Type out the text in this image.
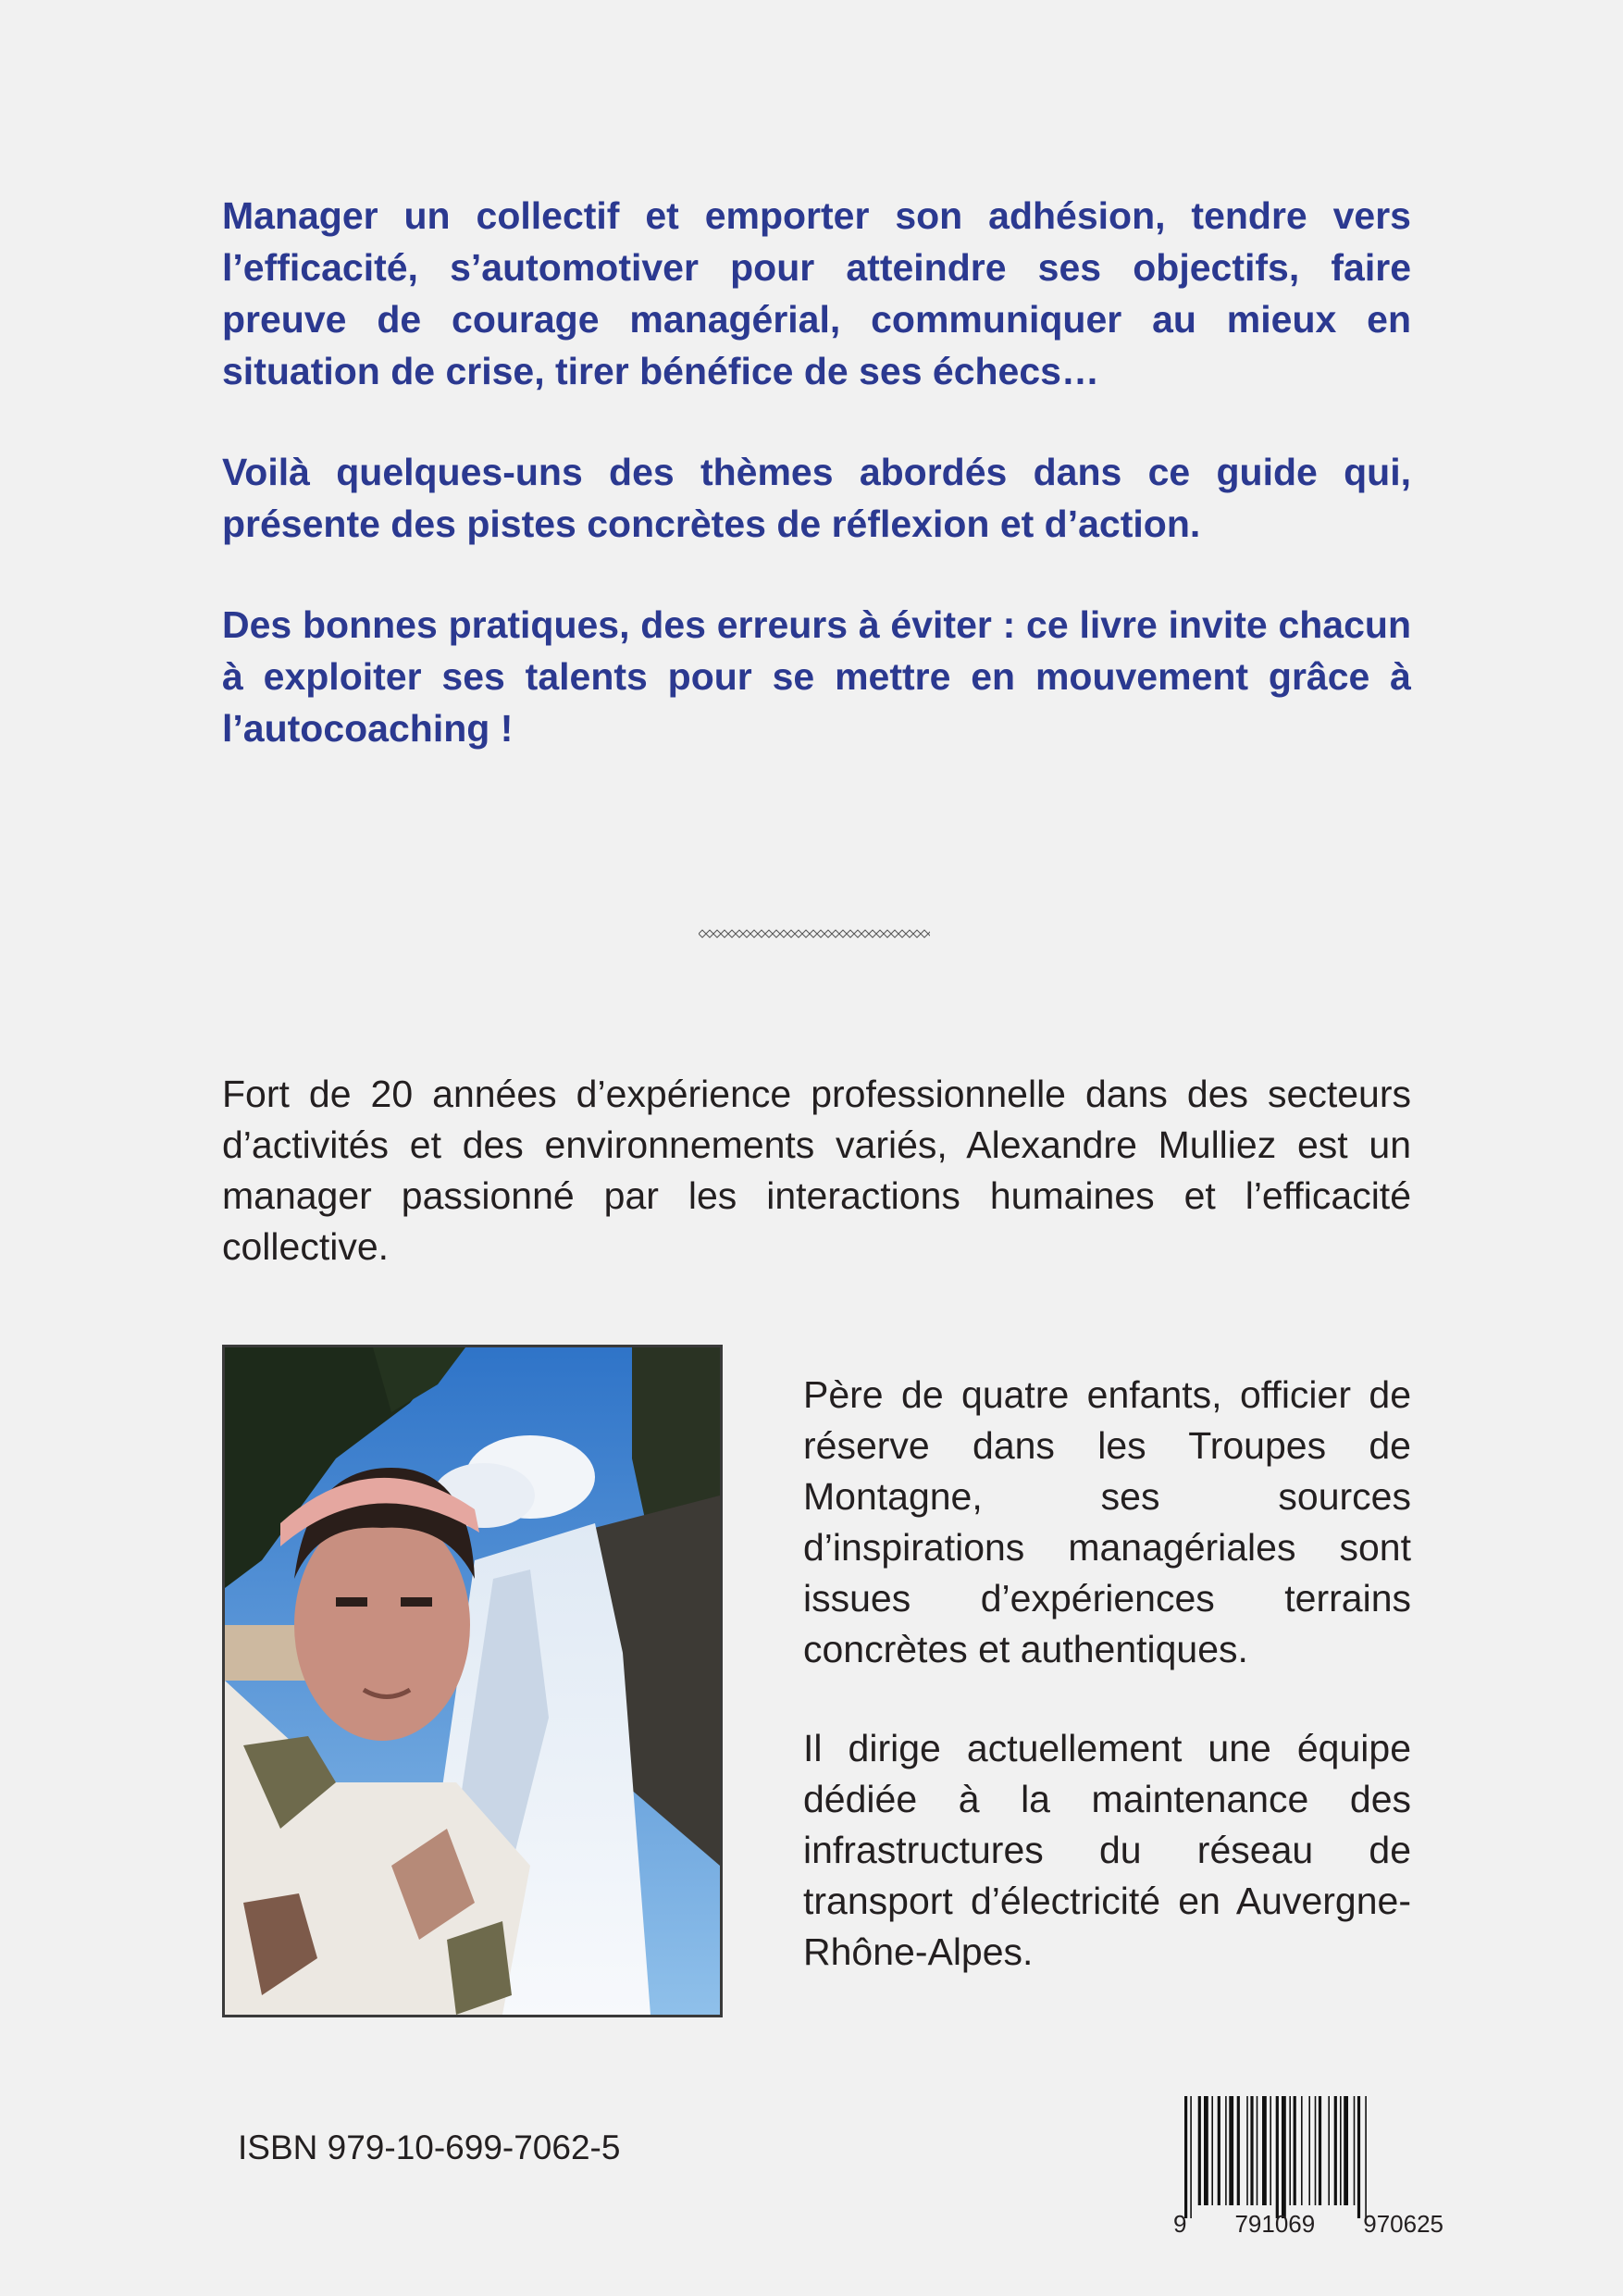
Manager un collectif et emporter son adhésion, tendre vers l’efficacité, s’automotiver pour atteindre ses objectifs, faire preuve de courage managérial, communiquer au mieux en situation de crise, tirer bénéfice de ses échecs…

Voilà quelques-uns des thèmes abordés dans ce guide qui, présente des pistes concrètes de réflexion et d’action.

Des bonnes pratiques, des erreurs à éviter : ce livre invite chacun à exploiter ses talents pour se mettre en mouvement grâce à l’autocoaching !

Fort de 20 années d’expérience professionnelle dans des secteurs d’activités et des environnements variés, Alexandre Mulliez est un manager passionné par les interactions humaines et l’efficacité collective.

Père de quatre enfants, officier de réserve dans les Troupes de Montagne, ses sources d’inspirations managériales sont issues d’expériences terrains concrètes et authentiques.

Il dirige actuellement une équipe dédiée à la maintenance des infrastructures du réseau de transport d’électricité en Auvergne-Rhône-Alpes.

ISBN 979-10-699-7062-5

9 791069 970625
